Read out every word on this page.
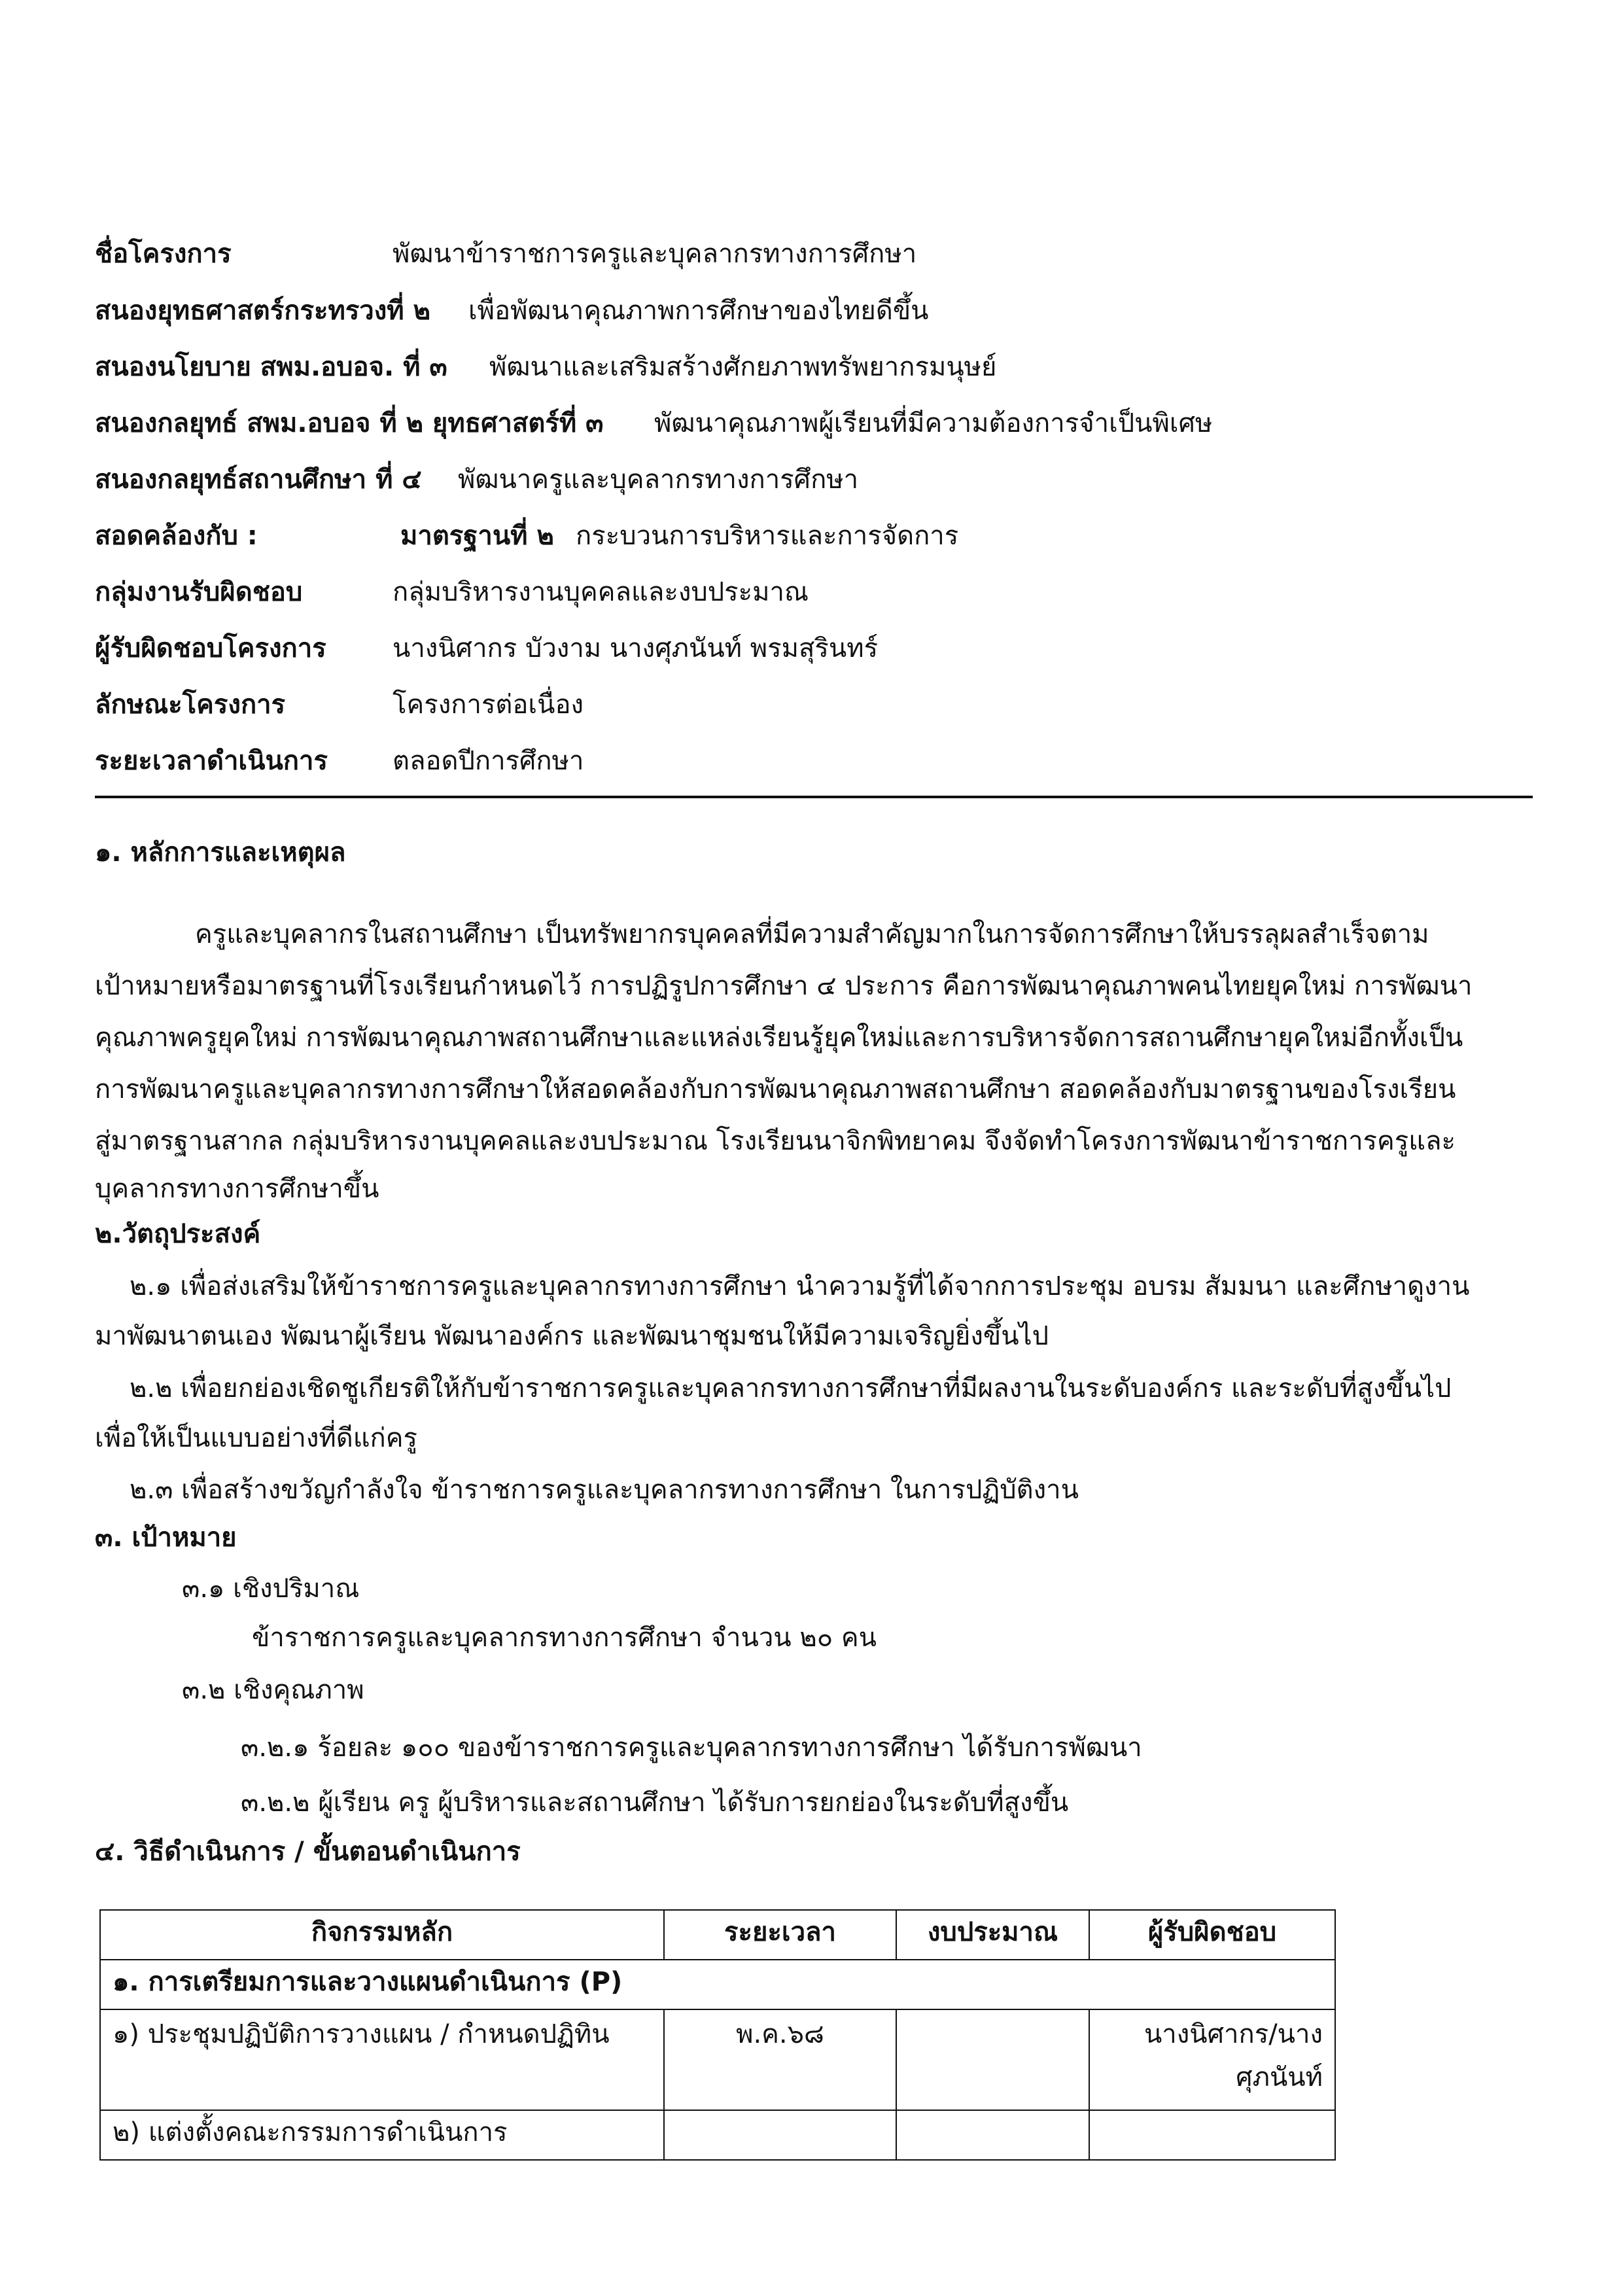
ชื่อโครงการ	พัฒนาข้าราชการครูและบุคลากรทางการศึกษา
สนองยุทธศาสตร์กระทรวงที่ ๒ เพื่อพัฒนาคุณภาพการศึกษาของไทยดีขึ้น
สนองนโยบาย สพม.อบอจ. ที่ ๓ พัฒนาและเสริมสร้างศักยภาพทรัพยากรมนุษย์
สนองกลยุทธ์ สพม.อบอจ ที่ ๒ ยุทธศาสตร์ที่ ๓ พัฒนาคุณภาพผู้เรียนที่มีความต้องการจำเป็นพิเศษ
สนองกลยุทธ์สถานศึกษา ที่ ๔ พัฒนาครูและบุคลากรทางการศึกษา
สอดคล้องกับ :	มาตรฐานที่ ๒ กระบวนการบริหารและการจัดการ
กลุ่มงานรับผิดชอบ	กลุ่มบริหารงานบุคคลและงบประมาณ
ผู้รับผิดชอบโครงการ	นางนิศากร บัวงาม นางศุภนันท์ พรมสุรินทร์
ลักษณะโครงการ	โครงการต่อเนื่อง
ระยะเวลาดำเนินการ ตลอดปีการศึกษา
๑. หลักการและเหตุผล
ครูและบุคลากรในสถานศึกษา เป็นทรัพยากรบุคคลที่มีความสำคัญมากในการจัดการศึกษาให้บรรลุผลสำเร็จตาม
เป้าหมายหรือมาตรฐานที่โรงเรียนกำหนดไว้ การปฏิรูปการศึกษา ๔ ประการ คือการพัฒนาคุณภาพคนไทยยุคใหม่ การพัฒนา
คุณภาพครูยุคใหม่ การพัฒนาคุณภาพสถานศึกษาและแหล่งเรียนรู้ยุคใหม่และการบริหารจัดการสถานศึกษายุคใหม่อีกทั้งเป็น
การพัฒนาครูและบุคลากรทางการศึกษาให้สอดคล้องกับการพัฒนาคุณภาพสถานศึกษา สอดคล้องกับมาตรฐานของโรงเรียน
สู่มาตรฐานสากล กลุ่มบริหารงานบุคคลและงบประมาณ โรงเรียนนาจิกพิทยาคม จึงจัดทำโครงการพัฒนาข้าราชการครูและ
บุคลากรทางการศึกษาขึ้น
๒.วัตถุประสงค์
๒.๑ เพื่อส่งเสริมให้ข้าราชการครูและบุคลากรทางการศึกษา นำความรู้ที่ได้จากการประชุม อบรม สัมมนา และศึกษาดูงาน
มาพัฒนาตนเอง พัฒนาผู้เรียน พัฒนาองค์กร และพัฒนาชุมชนให้มีความเจริญยิ่งขึ้นไป
๒.๒ เพื่อยกย่องเชิดชูเกียรติให้กับข้าราชการครูและบุคลากรทางการศึกษาที่มีผลงานในระดับองค์กร และระดับที่สูงขึ้นไป
เพื่อให้เป็นแบบอย่างที่ดีแก่ครู
๒.๓ เพื่อสร้างขวัญกำลังใจ ข้าราชการครูและบุคลากรทางการศึกษา ในการปฏิบัติงาน
๓. เป้าหมาย
๓.๑ เชิงปริมาณ
ข้าราชการครูและบุคลากรทางการศึกษา จำนวน ๒๐ คน
๓.๒ เชิงคุณภาพ
๓.๒.๑ ร้อยละ ๑๐๐ ของข้าราชการครูและบุคลากรทางการศึกษา ได้รับการพัฒนา
๓.๒.๒ ผู้เรียน ครู ผู้บริหารและสถานศึกษา ได้รับการยกย่องในระดับที่สูงขึ้น
๔. วิธีดำเนินการ / ขั้นตอนดำเนินการ
กิจกรรมหลัก	ระยะเวลา	งบประมาณ	ผู้รับผิดชอบ
๑. การเตรียมการและวางแผนดำเนินการ (P)			
๑) ประชุมปฏิบัติการวางแผน / กำหนดปฏิทิน	พ.ค.๖๘		นางนิศากร/นาง
ศุภนันท์

๒) แต่งตั้งคณะกรรมการดำเนินการ			
